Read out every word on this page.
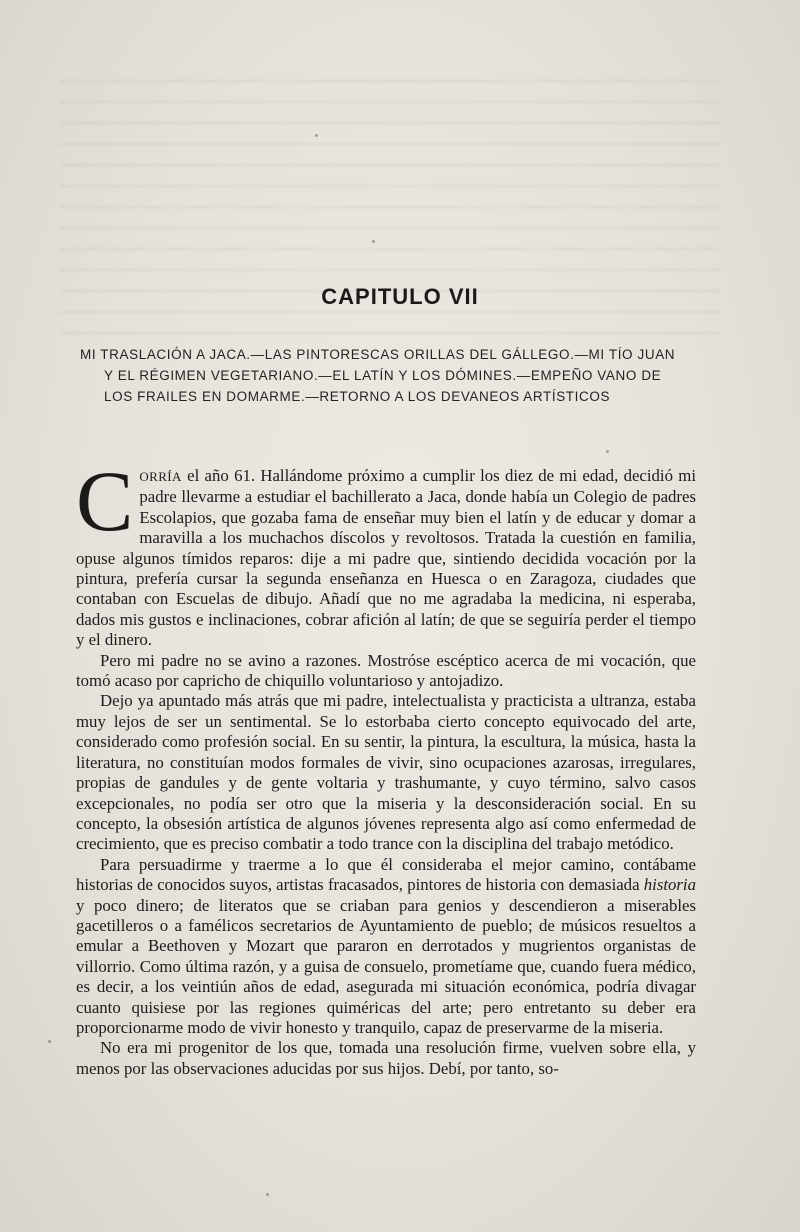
CAPITULO VII
MI TRASLACIÓN A JACA.—LAS PINTORESCAS ORILLAS DEL GÁLLEGO.—MI TÍO JUAN
Y EL RÉGIMEN VEGETARIANO.—EL LATÍN Y LOS DÓMINES.—EMPEÑO VANO DE
LOS FRAILES EN DOMARME.—RETORNO A LOS DEVANEOS ARTÍSTICOS

CORRÍA el año 61. Hallándome próximo a cumplir los diez de mi edad, decidió mi padre llevarme a estudiar el bachillerato a Jaca, donde había un Colegio de padres Escolapios, que gozaba fama de enseñar muy bien el latín y de educar y domar a maravilla a los muchachos díscolos y revoltosos. Tratada la cuestión en familia, opuse algunos tímidos reparos: dije a mi padre que, sintiendo decidida vocación por la pintura, prefería cursar la segunda enseñanza en Huesca o en Zaragoza, ciudades que contaban con Escuelas de dibujo. Añadí que no me agradaba la medicina, ni esperaba, dados mis gustos e inclinaciones, cobrar afición al latín; de que se seguiría perder el tiempo y el dinero.

Pero mi padre no se avino a razones. Mostróse escéptico acerca de mi vocación, que tomó acaso por capricho de chiquillo voluntarioso y antojadizo.

Dejo ya apuntado más atrás que mi padre, intelectualista y practicista a ultranza, estaba muy lejos de ser un sentimental. Se lo estorbaba cierto concepto equivocado del arte, considerado como profesión social. En su sentir, la pintura, la escultura, la música, hasta la literatura, no constituían modos formales de vivir, sino ocupaciones azarosas, irregulares, propias de gandules y de gente voltaria y trashumante, y cuyo término, salvo casos excepcionales, no podía ser otro que la miseria y la desconsideración social. En su concepto, la obsesión artística de algunos jóvenes representa algo así como enfermedad de crecimiento, que es preciso combatir a todo trance con la disciplina del trabajo metódico.

Para persuadirme y traerme a lo que él consideraba el mejor camino, contábame historias de conocidos suyos, artistas fracasados, pintores de historia con demasiada historia y poco dinero; de literatos que se criaban para genios y descendieron a miserables gacetilleros o a famélicos secretarios de Ayuntamiento de pueblo; de músicos resueltos a emular a Beethoven y Mozart que pararon en derrotados y mugrientos organistas de villorrio. Como última razón, y a guisa de consuelo, prometíame que, cuando fuera médico, es decir, a los veintiún años de edad, asegurada mi situación económica, podría divagar cuanto quisiese por las regiones quiméricas del arte; pero entretanto su deber era proporcionarme modo de vivir honesto y tranquilo, capaz de preservarme de la miseria.

No era mi progenitor de los que, tomada una resolución firme, vuelven sobre ella, y menos por las observaciones aducidas por sus hijos. Debí, por tanto, so-
